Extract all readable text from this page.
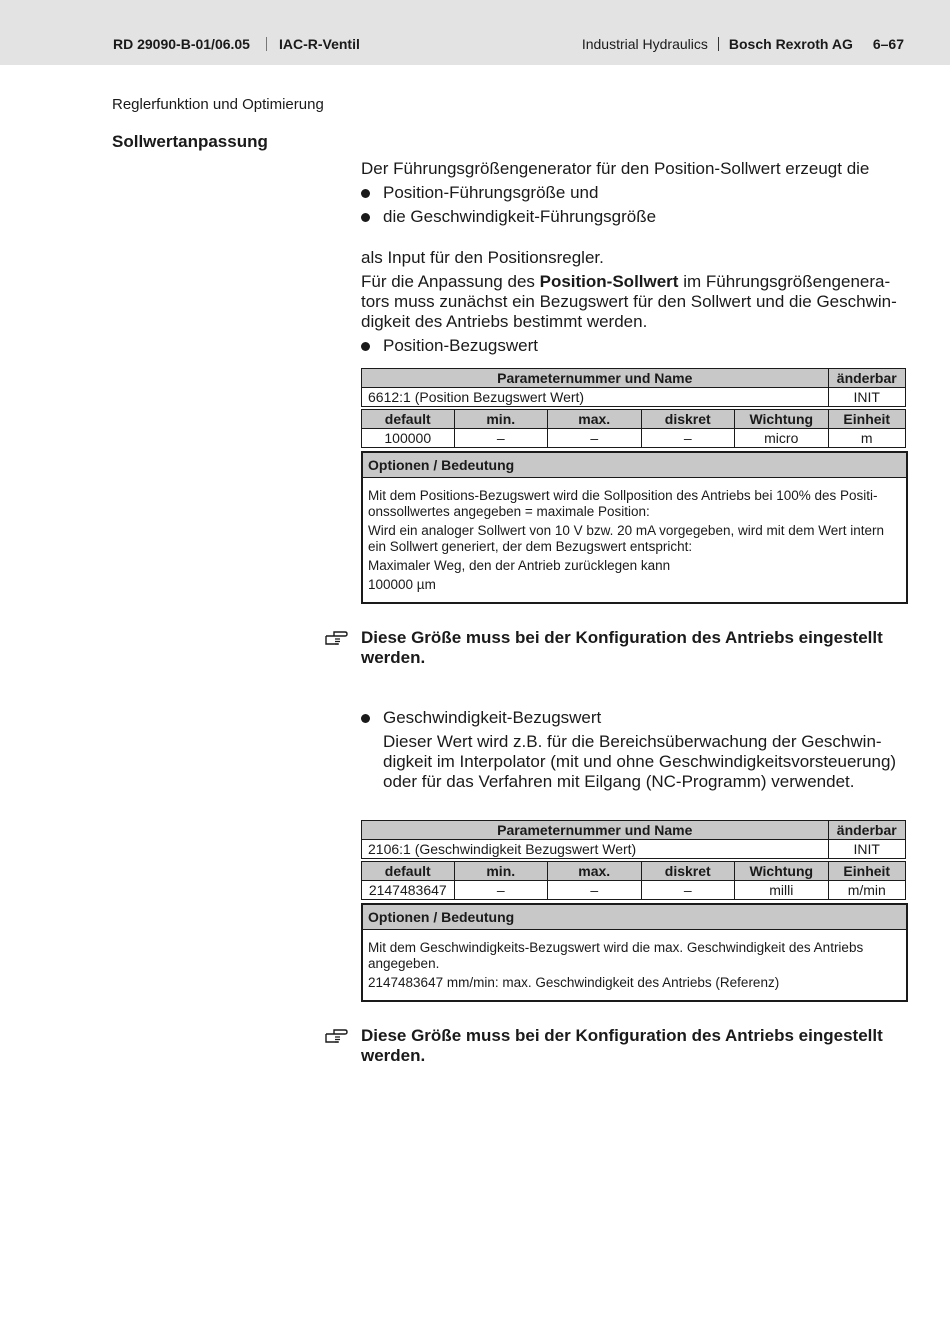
RD 29090-B-01/06.05 IAC-R-Ventil	Industrial Hydraulics Bosch Rexroth AG 6–67
Reglerfunktion und Optimierung
Sollwertanpassung
Der Führungsgrößengenerator für den Position-Sollwert erzeugt die
Position-Führungsgröße und
die Geschwindigkeit-Führungsgröße
als Input für den Positionsregler.
Für die Anpassung des Position-Sollwert im Führungsgrößengenera-tors muss zunächst ein Bezugswert für den Sollwert und die Geschwin-digkeit des Antriebs bestimmt werden.
Position-Bezugswert
Parameternummer und Name					änderbar
6612:1 (Position Bezugswert Wert)					INIT

default	min.	max.	diskret	Wichtung	Einheit
100000	–	–	–	micro	m
Optionen / Bedeutung

Mit dem Positions-Bezugswert wird die Sollposition des Antriebs bei 100% des Positi-onssollwertes angegeben = maximale Position:

Wird ein analoger Sollwert von 10 V bzw. 20 mA vorgegeben, wird mit dem Wert intern ein Sollwert generiert, der dem Bezugswert entspricht:

Maximaler Weg, den der Antrieb zurücklegen kann

100000 µm

Diese Größe muss bei der Konfiguration des Antriebs eingestellt werden.
Geschwindigkeit-Bezugswert
Dieser Wert wird z.B. für die Bereichsüberwachung der Geschwin-digkeit im Interpolator (mit und ohne Geschwindigkeitsvorsteuerung) oder für das Verfahren mit Eilgang (NC-Programm) verwendet.
Parameternummer und Name					änderbar
2106:1 (Geschwindigkeit Bezugswert Wert)					INIT

default	min.	max.	diskret	Wichtung	Einheit
2147483647	–	–	–	milli	m/min
Optionen / Bedeutung

Mit dem Geschwindigkeits-Bezugswert wird die max. Geschwindigkeit des Antriebs angegeben.

2147483647 mm/min: max. Geschwindigkeit des Antriebs (Referenz)

Diese Größe muss bei der Konfiguration des Antriebs eingestellt werden.
